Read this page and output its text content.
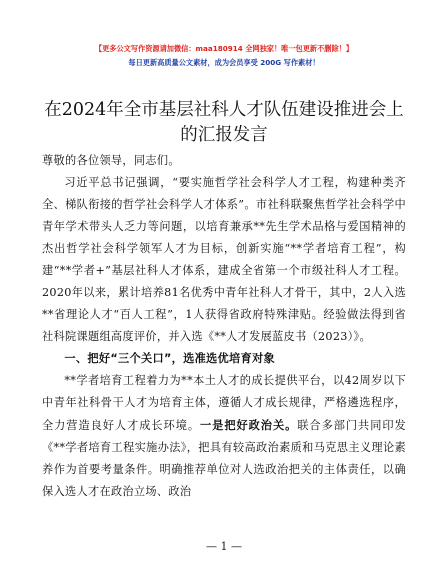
【更多公文写作资源请加微信：maa180914 全网独家！唯一包更新不删除！】
每日更新高质量公文素材，成为会员享受 200G 写作素材！
在2024年全市基层社科人才队伍建设推进会上的汇报发言

尊敬的各位领导，同志们。

习近平总书记强调，“要实施哲学社会科学人才工程，构建种类齐全、梯队衔接的哲学社会科学人才体系”。市社科联聚焦哲学社会科学中青年学术带头人乏力等问题，以培育兼承**先生学术品格与爱国精神的杰出哲学社会科学领军人才为目标，创新实施“**学者培育工程”，构建“**学者+”基层社科人才体系，建成全省第一个市级社科人才工程。2020年以来，累计培养81名优秀中青年社科人才骨干，其中，2人入选**省理论人才“百人工程”，1人获得省政府特殊津贴。经验做法得到省社科院课题组高度评价，并入选《**人才发展蓝皮书（2023）》。

一、把好“三个关口”，选准选优培育对象

**学者培育工程着力为**本土人才的成长提供平台，以42周岁以下中青年社科骨干人才为培育主体，遵循人才成长规律，严格遴选程序，全力营造良好人才成长环境。一是把好政治关。联合多部门共同印发《**学者培育工程实施办法》，把具有较高政治素质和马克思主义理论素养作为首要考量条件。明确推荐单位对人选政治把关的主体责任，以确保入选人才在政治立场、政治

— 1 —
